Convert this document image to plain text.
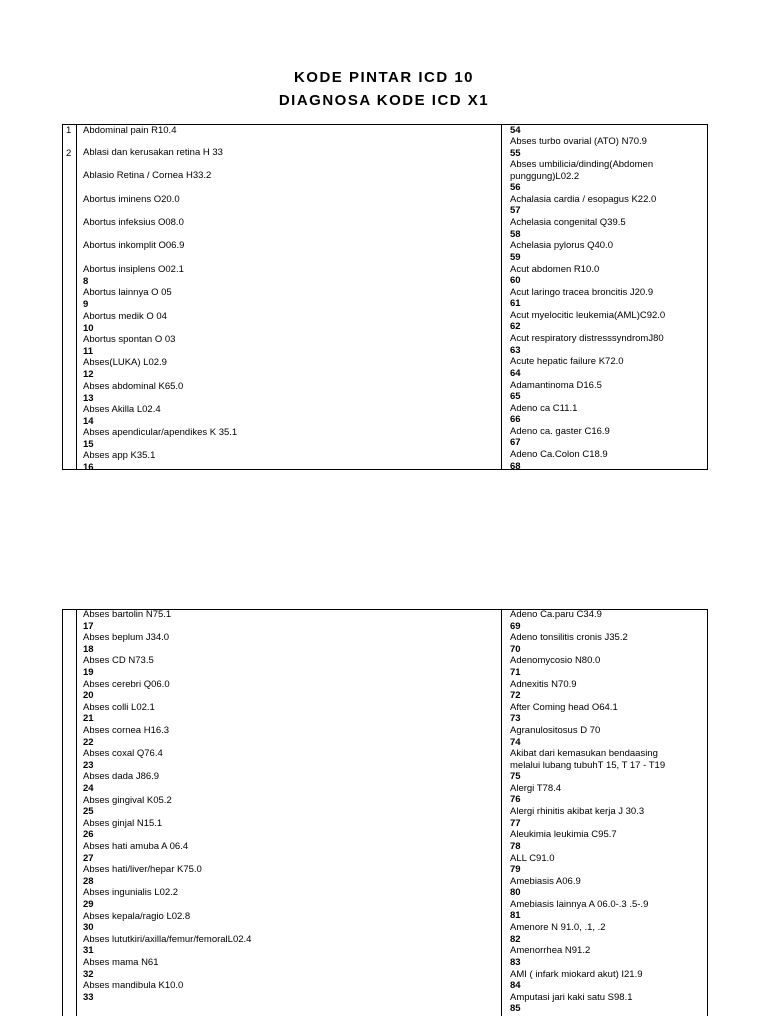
KODE PINTAR ICD 10
DIAGNOSA KODE ICD X1
1
2
Abdominal pain R10.4
Ablasi dan kerusakan retina H 33
Ablasio Retina / Cornea H33.2
Abortus iminens O20.0
Abortus infeksius O08.0
Abortus inkomplit O06.9
Abortus insiplens O02.1
8
Abortus lainnya O 05
9
Abortus medik O 04
10
Abortus spontan O 03
11
Abses(LUKA) L02.9
12
Abses abdominal K65.0
13
Abses Akilla L02.4
14
Abses apendicular/apendikes K 35.1
15
Abses app K35.1
16
54
Abses turbo ovarial (ATO) N70.9
55
Abses umbilicia/dinding(Abdomen
punggung)L02.2
56
Achalasia cardia / esopagus K22.0
57
Achelasia congenital Q39.5
58
Achelasia pylorus Q40.0
59
Acut abdomen R10.0
60
Acut laringo tracea broncitis J20.9
61
Acut myelocitic leukemia(AML)C92.0
62
Acut respiratory distresssyndromJ80
63
Acute hepatic failure K72.0
64
Adamantinoma D16.5
65
Adeno ca C11.1
66
Adeno ca. gaster C16.9
67
Adeno Ca.Colon C18.9
68
Abses bartolin N75.1
17
Abses beplum J34.0
18
Abses CD N73.5
19
Abses cerebri Q06.0
20
Abses colli L02.1
21
Abses cornea H16.3
22
Abses coxal Q76.4
23
Abses dada J86.9
24
Abses gingival K05.2
25
Abses ginjal N15.1
26
Abses hati amuba A 06.4
27
Abses hati/liver/hepar K75.0
28
Abses ingunialis L02.2
29
Abses kepala/ragio L02.8
30
Abses lututkiri/axilla/femur/femoralL02.4
31
Abses mama N61
32
Abses mandibula K10.0
33
Adeno Ca.paru C34.9
69
Adeno tonsilitis cronis J35.2
70
Adenomycosio N80.0
71
Adnexitis N70.9
72
After Coming head O64.1
73
Agranulositosus D 70
74
Akibat dari kemasukan bendaasing
melalui lubang tubuhT 15, T 17 - T19
75
Alergi T78.4
76
Alergi rhinitis akibat kerja J 30.3
77
Aleukimia leukimia C95.7
78
ALL C91.0
79
Amebiasis A06.9
80
Amebiasis lainnya A 06.0-.3 .5-.9
81
Amenore N 91.0, .1, .2
82
Amenorrhea N91.2
83
AMI ( infark miokard akut) I21.9
84
Amputasi jari kaki satu S98.1
85
